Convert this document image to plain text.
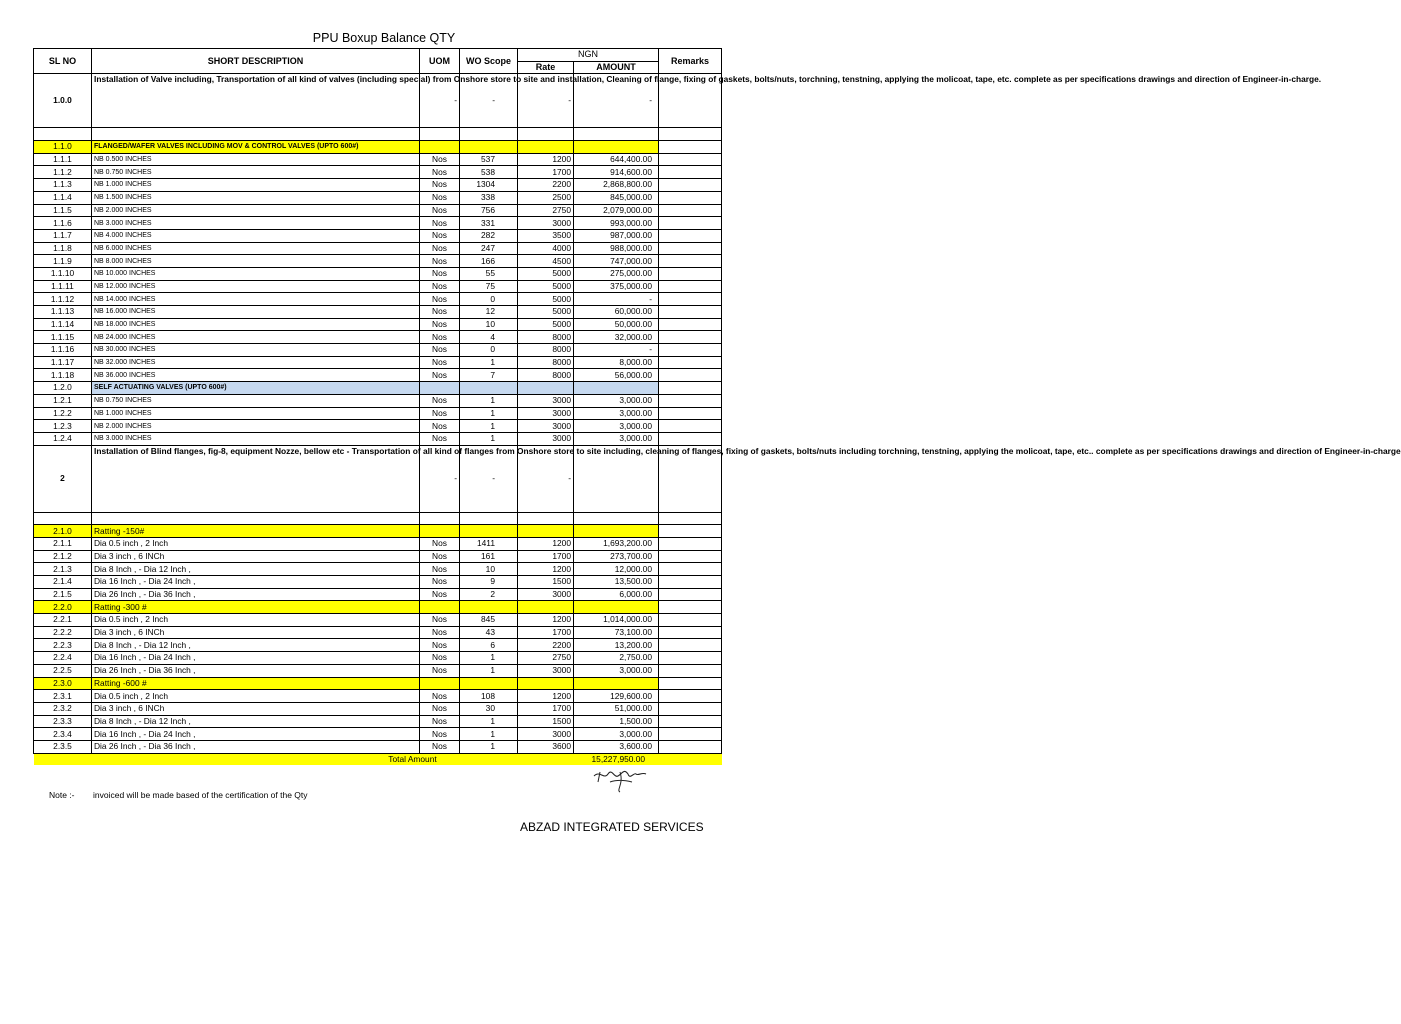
PPU Boxup Balance QTY
SL NO	SHORT DESCRIPTION	UOM	WO Scope	NGN		Remarks
				Rate	AMOUNT	
1.0.0	Installation of Valve including, Transportation of all kind of valves (including special) from Onshore store to site and installation, Cleaning of flange, fixing of gaskets, bolts/nuts, torchning, tenstning, applying the molicoat, tape, etc. complete as per specifications drawings and direction of Engineer-in-charge.	-	-	-	-	

1.1.0	FLANGED/WAFER VALVES INCLUDING MOV & CONTROL VALVES (UPTO 600#)					
1.1.1	NB 0.500 INCHES	Nos	537	1200	644,400.00	
1.1.2	NB 0.750 INCHES	Nos	538	1700	914,600.00	
1.1.3	NB 1.000 INCHES	Nos	1304	2200	2,868,800.00	
1.1.4	NB 1.500 INCHES	Nos	338	2500	845,000.00	
1.1.5	NB 2.000 INCHES	Nos	756	2750	2,079,000.00	
1.1.6	NB 3.000 INCHES	Nos	331	3000	993,000.00	
1.1.7	NB 4.000 INCHES	Nos	282	3500	987,000.00	
1.1.8	NB 6.000 INCHES	Nos	247	4000	988,000.00	
1.1.9	NB 8.000 INCHES	Nos	166	4500	747,000.00	
1.1.10	NB 10.000 INCHES	Nos	55	5000	275,000.00	
1.1.11	NB 12.000 INCHES	Nos	75	5000	375,000.00	
1.1.12	NB 14.000 INCHES	Nos	0	5000	-	
1.1.13	NB 16.000 INCHES	Nos	12	5000	60,000.00	
1.1.14	NB 18.000 INCHES	Nos	10	5000	50,000.00	
1.1.15	NB 24.000 INCHES	Nos	4	8000	32,000.00	
1.1.16	NB 30.000 INCHES	Nos	0	8000	-	
1.1.17	NB 32.000 INCHES	Nos	1	8000	8,000.00	
1.1.18	NB 36.000 INCHES	Nos	7	8000	56,000.00	
1.2.0	SELF ACTUATING VALVES (UPTO 600#)					
1.2.1	NB 0.750 INCHES	Nos	1	3000	3,000.00	
1.2.2	NB 1.000 INCHES	Nos	1	3000	3,000.00	
1.2.3	NB 2.000 INCHES	Nos	1	3000	3,000.00	
1.2.4	NB 3.000 INCHES	Nos	1	3000	3,000.00	
2	Installation of Blind flanges, fig-8, equipment Nozze, bellow etc - Transportation of all kind of flanges from Onshore store to site including, cleaning of flanges, fixing of gaskets, bolts/nuts including torchning, tenstning, applying the molicoat, tape, etc.. complete as per specifications drawings and direction of Engineer-in-charge	-	-	-		

2.1.0	Ratting -150#					
2.1.1	Dia 0.5 inch , 2 Inch	Nos	1411	1200	1,693,200.00	
2.1.2	Dia 3 inch , 6 INCh	Nos	161	1700	273,700.00	
2.1.3	Dia 8 Inch , - Dia 12 Inch ,	Nos	10	1200	12,000.00	
2.1.4	Dia 16 Inch , - Dia 24 Inch ,	Nos	9	1500	13,500.00	
2.1.5	Dia 26 Inch , - Dia 36 Inch ,	Nos	2	3000	6,000.00	
2.2.0	Ratting -300 #					
2.2.1	Dia 0.5 inch , 2 Inch	Nos	845	1200	1,014,000.00	
2.2.2	Dia 3 inch , 6 INCh	Nos	43	1700	73,100.00	
2.2.3	Dia 8 Inch , - Dia 12 Inch ,	Nos	6	2200	13,200.00	
2.2.4	Dia 16 Inch , - Dia 24 Inch ,	Nos	1	2750	2,750.00	
2.2.5	Dia 26 Inch , - Dia 36 Inch ,	Nos	1	3000	3,000.00	
2.3.0	Ratting -600 #					
2.3.1	Dia 0.5 inch , 2 Inch	Nos	108	1200	129,600.00	
2.3.2	Dia 3 inch , 6 INCh	Nos	30	1700	51,000.00	
2.3.3	Dia 8 Inch , - Dia 12 Inch ,	Nos	1	1500	1,500.00	
2.3.4	Dia 16 Inch , - Dia 24 Inch ,	Nos	1	3000	3,000.00	
2.3.5	Dia 26 Inch , - Dia 36 Inch ,	Nos	1	3600	3,600.00	
Total Amount					15,227,950.00	
Note :- invoiced will be made based of the certification of the Qty
ABZAD INTEGRATED SERVICES
